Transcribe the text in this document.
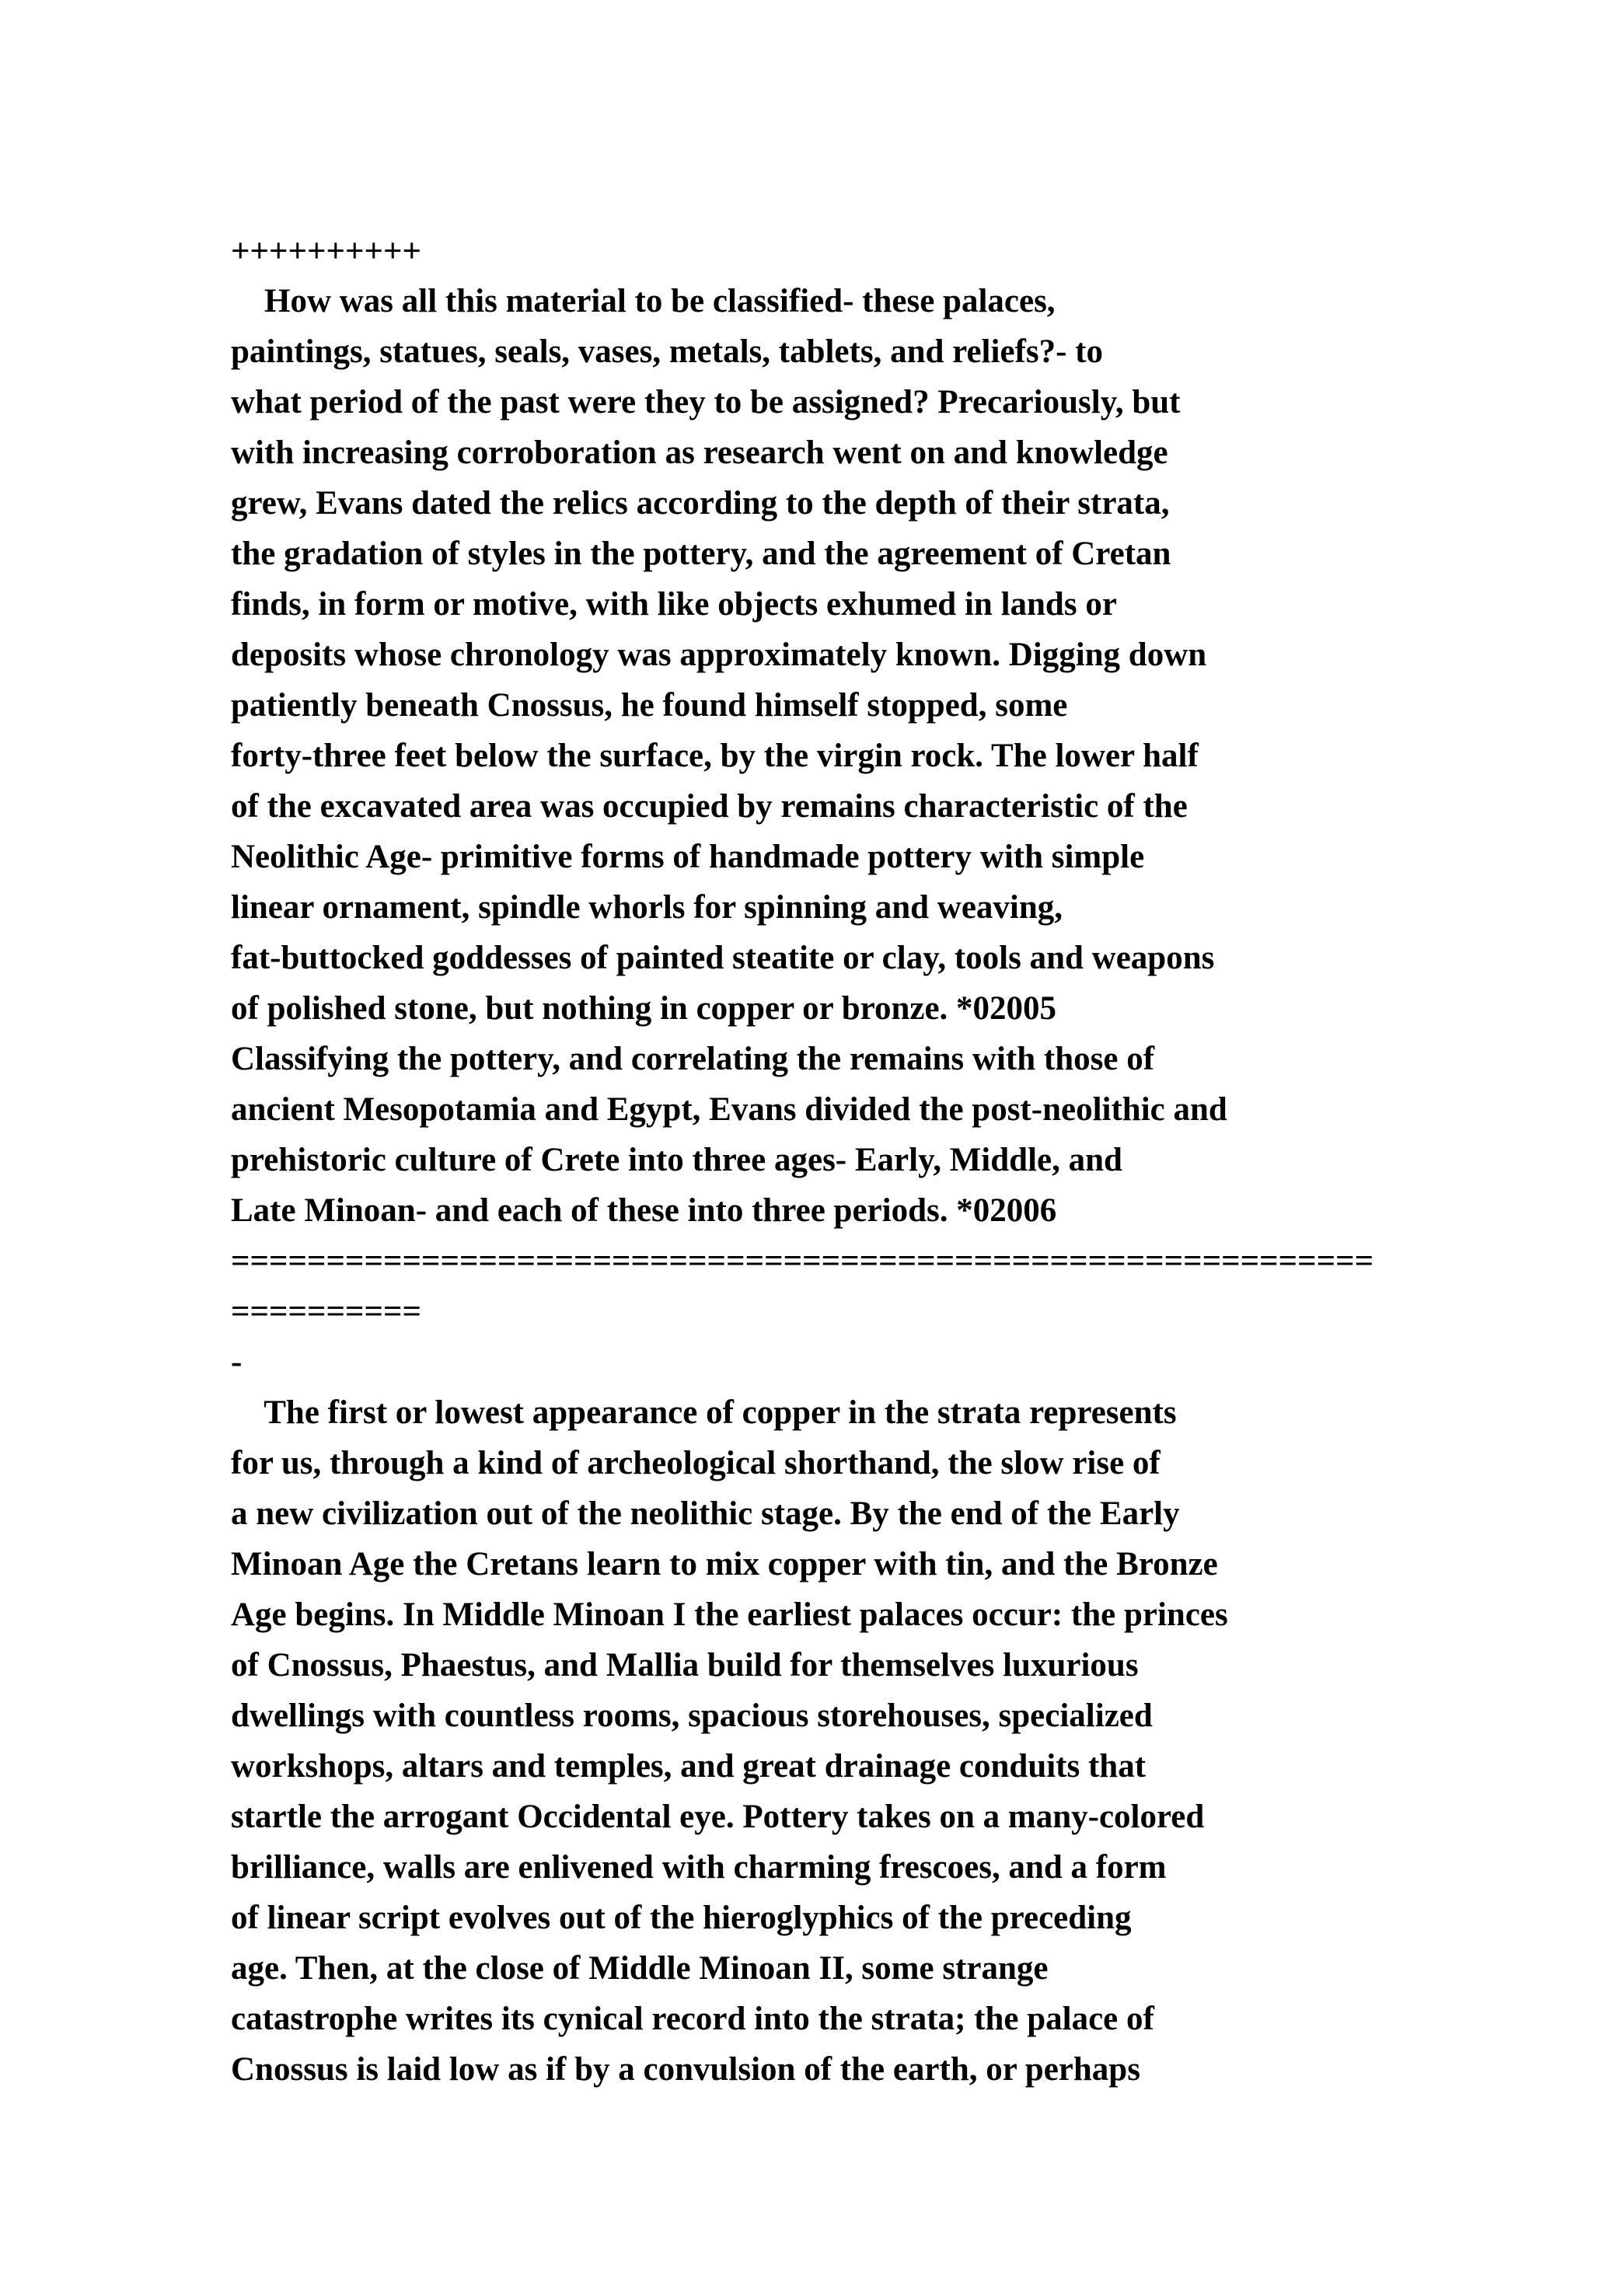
++++++++++
How was all this material to be classified- these palaces,
paintings, statues, seals, vases, metals, tablets, and reliefs?- to
what period of the past were they to be assigned? Precariously, but
with increasing corroboration as research went on and knowledge
grew, Evans dated the relics according to the depth of their strata,
the gradation of styles in the pottery, and the agreement of Cretan
finds, in form or motive, with like objects exhumed in lands or
deposits whose chronology was approximately known. Digging down
patiently beneath Cnossus, he found himself stopped, some
forty-three feet below the surface, by the virgin rock. The lower half
of the excavated area was occupied by remains characteristic of the
Neolithic Age- primitive forms of handmade pottery with simple
linear ornament, spindle whorls for spinning and weaving,
fat-buttocked goddesses of painted steatite or clay, tools and weapons
of polished stone, but nothing in copper or bronze. *02005
Classifying the pottery, and correlating the remains with those of
ancient Mesopotamia and Egypt, Evans divided the post-neolithic and
prehistoric culture of Crete into three ages- Early, Middle, and
Late Minoan- and each of these into three periods. *02006
============================================================
==========
-
The first or lowest appearance of copper in the strata represents
for us, through a kind of archeological shorthand, the slow rise of
a new civilization out of the neolithic stage. By the end of the Early
Minoan Age the Cretans learn to mix copper with tin, and the Bronze
Age begins. In Middle Minoan I the earliest palaces occur: the princes
of Cnossus, Phaestus, and Mallia build for themselves luxurious
dwellings with countless rooms, spacious storehouses, specialized
workshops, altars and temples, and great drainage conduits that
startle the arrogant Occidental eye. Pottery takes on a many-colored
brilliance, walls are enlivened with charming frescoes, and a form
of linear script evolves out of the hieroglyphics of the preceding
age. Then, at the close of Middle Minoan II, some strange
catastrophe writes its cynical record into the strata; the palace of
Cnossus is laid low as if by a convulsion of the earth, or perhaps
